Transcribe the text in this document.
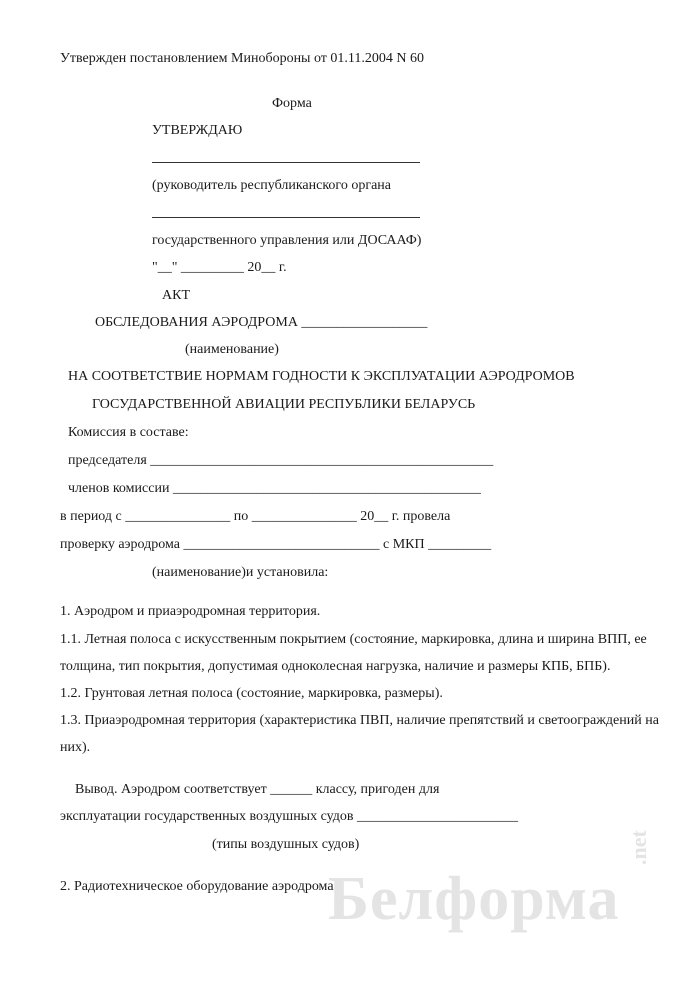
Утвержден постановлением Минобороны от 01.11.2004 N 60
Форма
УТВЕРЖДАЮ
(руководитель республиканского органа
государственного управления или ДОСААФ)
"__" _________ 20__ г.
АКТ
ОБСЛЕДОВАНИЯ АЭРОДРОМА __________________
(наименование)
НА СООТВЕТСТВИЕ НОРМАМ ГОДНОСТИ К ЭКСПЛУАТАЦИИ АЭРОДРОМОВ
ГОСУДАРСТВЕННОЙ АВИАЦИИ РЕСПУБЛИКИ БЕЛАРУСЬ
Комиссия в составе:
председателя _________________________________________________
членов комиссии ____________________________________________
в период с _______________ по _______________ 20__ г. провела
проверку аэродрома ____________________________ с МКП _________
(наименование)и установила:
1. Аэродром и приаэродромная территория.
1.1. Летная полоса с искусственным покрытием (состояние, маркировка, длина и ширина ВПП, ее
толщина, тип покрытия, допустимая одноколесная нагрузка, наличие и размеры КПБ, БПБ).
1.2. Грунтовая летная полоса (состояние, маркировка, размеры).
1.3. Приаэродромная территория (характеристика ПВП, наличие препятствий и светоограждений на
них).
Вывод. Аэродром соответствует ______ классу, пригоден для
эксплуатации государственных воздушных судов _______________________
(типы воздушных судов)
2. Радиотехническое оборудование аэродрома.
Белформа
.net
